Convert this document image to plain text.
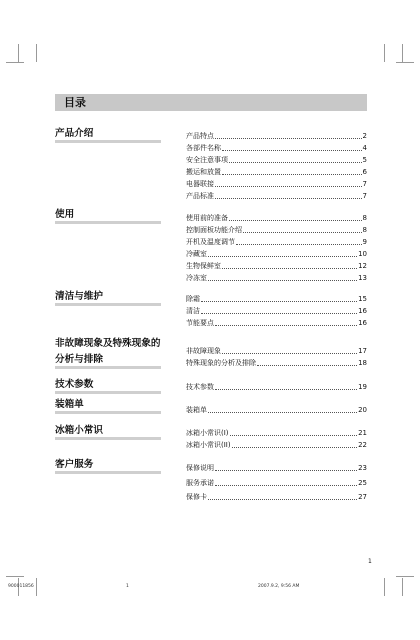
目录
产品介绍	产品特点	2
各部件名称	4
安全注意事项	5
搬运和放置	6
电器联接	7
产品标准	7
使用	使用前的准备	8
控制面板功能介绍	8
开机及温度调节	9
冷藏室	10
生物保鲜室	12
冷冻室	13
清洁与维护	除霜	15
清洁	16
节能要点	16
非故障现象及特殊现象的
分析与排除
非故障现象	17
特殊现象的分析及排除	18
技术参数	技术参数	19
装箱单	装箱单	20
冰箱小常识	冰箱小常识(I)	21
冰箱小常识(II)	22
客户服务	保修说明	23
服务承诺	25
保修卡	27
1
900011856	1	2007.9.2, 9:56 AM
